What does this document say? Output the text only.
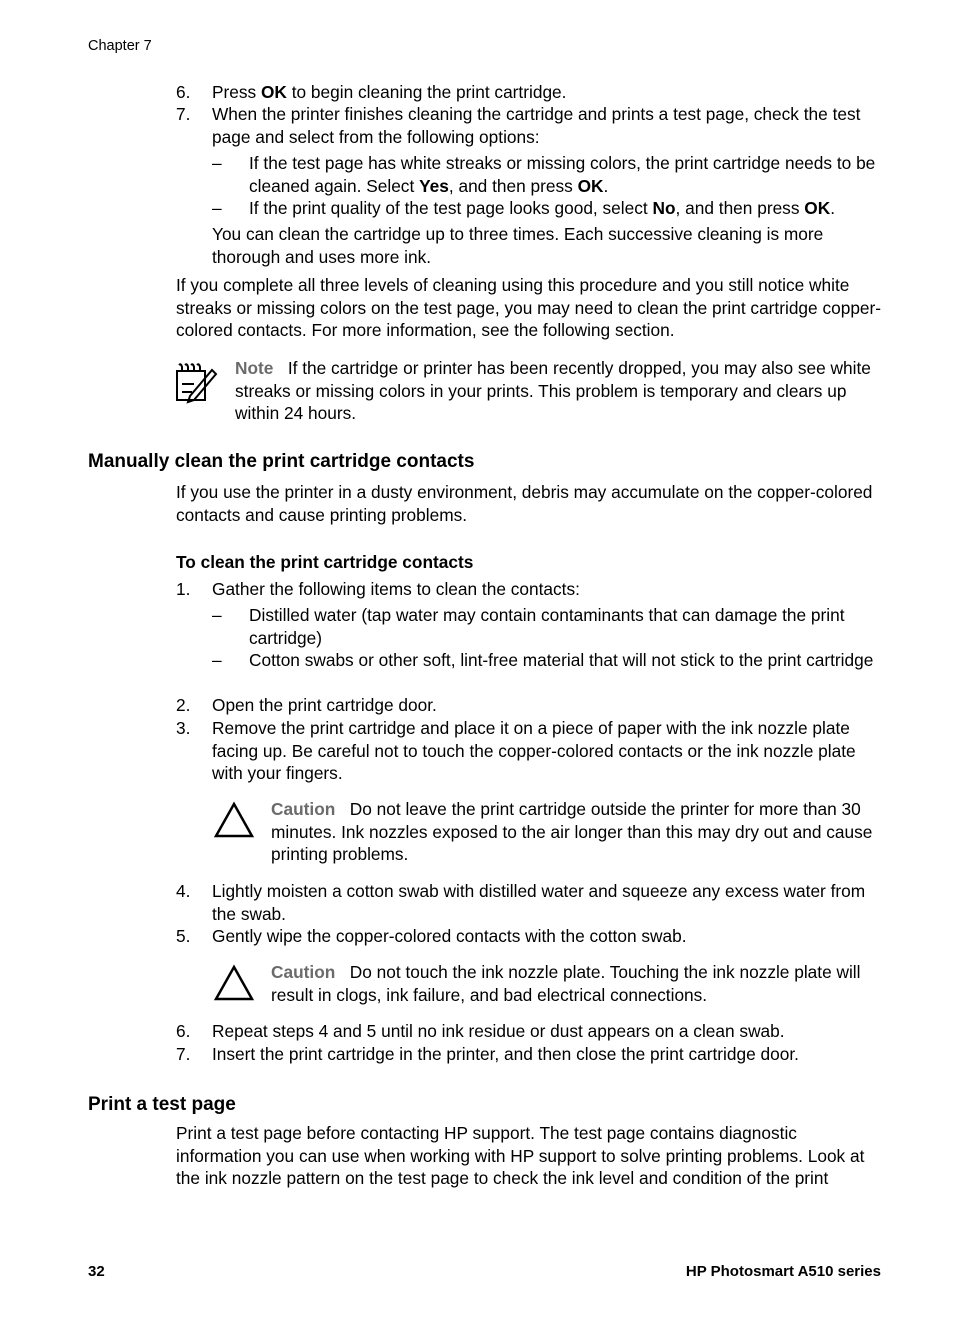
Chapter 7
6.	Press OK to begin cleaning the print cartridge.
7.	When the printer finishes cleaning the cartridge and prints a test page, check the test page and select from the following options:
– If the test page has white streaks or missing colors, the print cartridge needs to be cleaned again. Select Yes, and then press OK.
– If the print quality of the test page looks good, select No, and then press OK.
You can clean the cartridge up to three times. Each successive cleaning is more thorough and uses more ink.
If you complete all three levels of cleaning using this procedure and you still notice white streaks or missing colors on the test page, you may need to clean the print cartridge copper-colored contacts. For more information, see the following section.
Note If the cartridge or printer has been recently dropped, you may also see white streaks or missing colors in your prints. This problem is temporary and clears up within 24 hours.
Manually clean the print cartridge contacts
If you use the printer in a dusty environment, debris may accumulate on the copper-colored contacts and cause printing problems.
To clean the print cartridge contacts
1.	Gather the following items to clean the contacts:
– Distilled water (tap water may contain contaminants that can damage the print cartridge)
– Cotton swabs or other soft, lint-free material that will not stick to the print cartridge
2.	Open the print cartridge door.
3.	Remove the print cartridge and place it on a piece of paper with the ink nozzle plate facing up. Be careful not to touch the copper-colored contacts or the ink nozzle plate with your fingers.
Caution Do not leave the print cartridge outside the printer for more than 30 minutes. Ink nozzles exposed to the air longer than this may dry out and cause printing problems.
4.	Lightly moisten a cotton swab with distilled water and squeeze any excess water from the swab.
5.	Gently wipe the copper-colored contacts with the cotton swab.
Caution Do not touch the ink nozzle plate. Touching the ink nozzle plate will result in clogs, ink failure, and bad electrical connections.
6.	Repeat steps 4 and 5 until no ink residue or dust appears on a clean swab.
7.	Insert the print cartridge in the printer, and then close the print cartridge door.
Print a test page
Print a test page before contacting HP support. The test page contains diagnostic information you can use when working with HP support to solve printing problems. Look at the ink nozzle pattern on the test page to check the ink level and condition of the print
32	HP Photosmart A510 series
